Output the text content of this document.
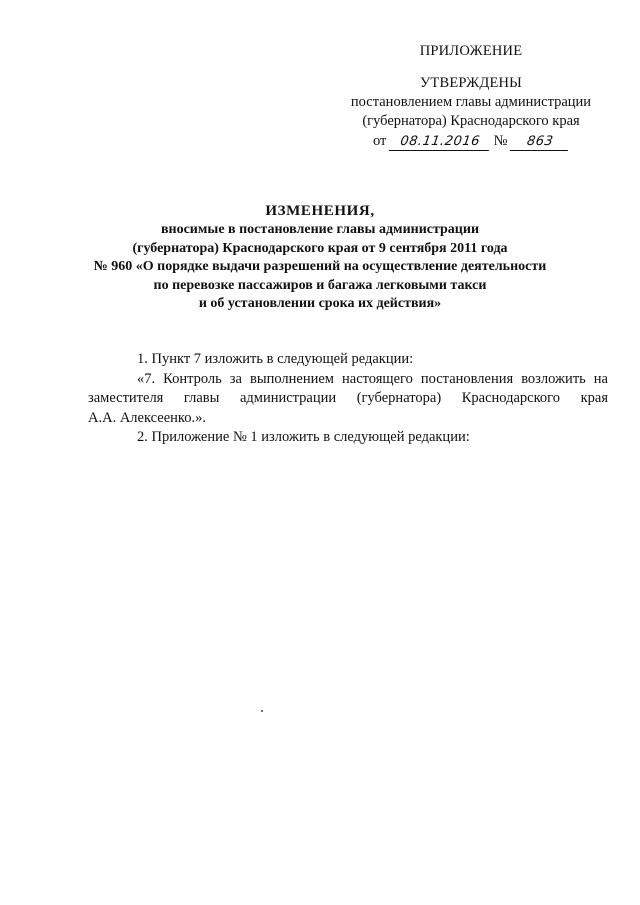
ПРИЛОЖЕНИЕ
УТВЕРЖДЕНЫ
постановлением главы администрации
(губернатора) Краснодарского края
от 08.11.2016 № 863
ИЗМЕНЕНИЯ,
вносимые в постановление главы администрации
(губернатора) Краснодарского края от 9 сентября 2011 года
№ 960 «О порядке выдачи разрешений на осуществление деятельности
по перевозке пассажиров и багажа легковыми такси
и об установлении срока их действия»
1. Пункт 7 изложить в следующей редакции:
«7. Контроль за выполнением настоящего постановления возложить на
заместителя главы администрации (губернатора) Краснодарского края
А.А. Алексеенко.».
2. Приложение № 1 изложить в следующей редакции:
